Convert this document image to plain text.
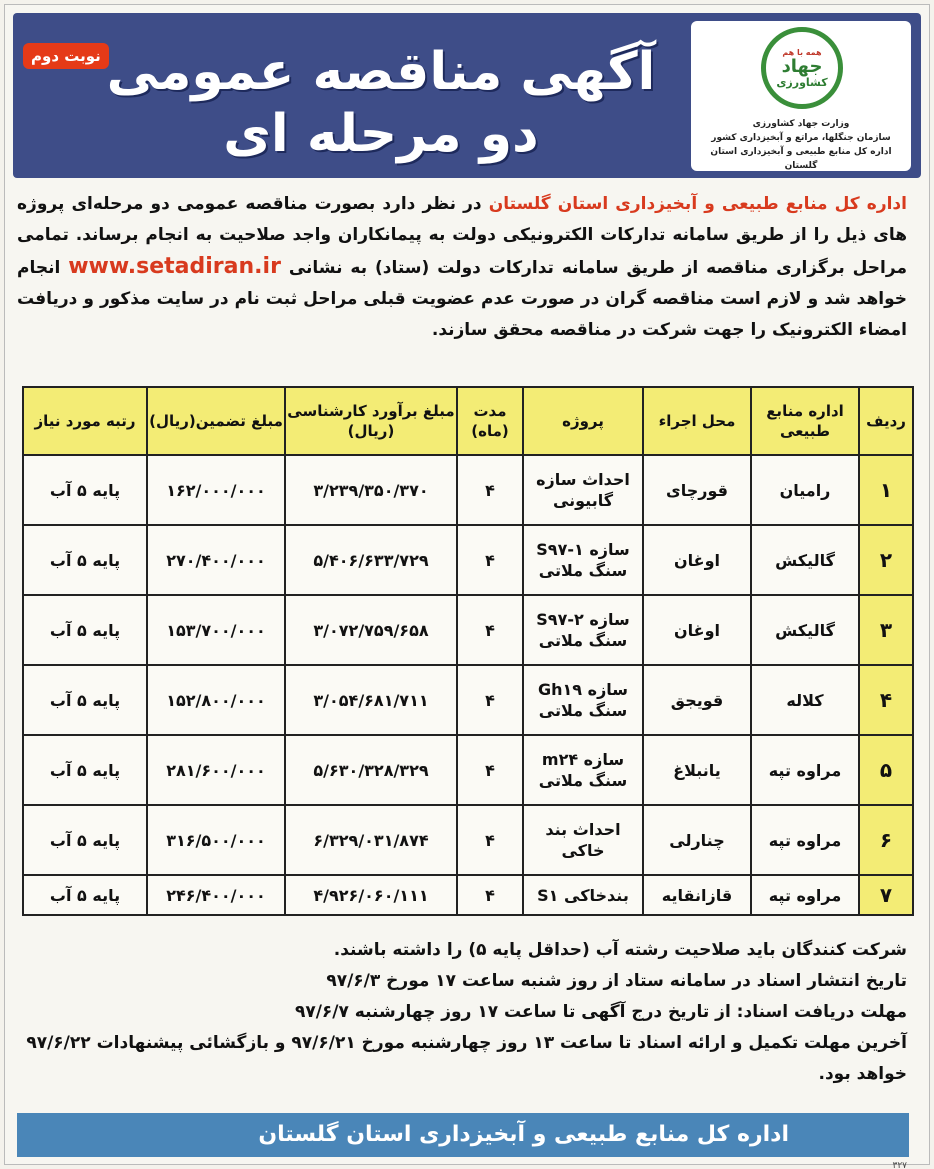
نوبت دوم آگهی مناقصه عمومی
دو مرحله ای
همه با هم
جهاد
کشاورزی
وزارت جهاد کشاورزی
سازمان جنگلها، مراتع و آبخیزداری کشور
اداره کل منابع طبیعی و آبخیزداری استان گلستان
اداره کل منابع طبیعی و آبخیزداری استان گلستان در نظر دارد بصورت مناقصه عمومی دو مرحله‌ای پروژه های ذیل را از طریق سامانه تدارکات الکترونیکی دولت به پیمانکاران واجد صلاحیت به انجام برساند. تمامی مراحل برگزاری مناقصه از طریق سامانه تدارکات دولت (ستاد) به نشانی www.setadiran.ir انجام خواهد شد و لازم است مناقصه گران در صورت عدم عضویت قبلی مراحل ثبت نام در سایت مذکور و دریافت امضاء الکترونیک را جهت شرکت در مناقصه محقق سازند.
ردیف	اداره منابع طبیعی	محل اجراء	پروژه	مدت (ماه)	مبلغ برآورد کارشناسی (ریال)	مبلغ تضمین(ریال)	رتبه مورد نیاز
۱	رامیان	قورچای	احداث سازه گابیونی	۴	۳/۲۳۹/۳۵۰/۳۷۰	۱۶۲/۰۰۰/۰۰۰	پایه ۵ آب
۲	گالیکش	اوغان	سازه ۱-S۹۷ سنگ ملاتی	۴	۵/۴۰۶/۶۳۳/۷۲۹	۲۷۰/۴۰۰/۰۰۰	پایه ۵ آب
۳	گالیکش	اوغان	سازه ۲-S۹۷ سنگ ملاتی	۴	۳/۰۷۲/۷۵۹/۶۵۸	۱۵۳/۷۰۰/۰۰۰	پایه ۵ آب
۴	کلاله	قویجق	سازه Gh۱۹ سنگ ملاتی	۴	۳/۰۵۴/۶۸۱/۷۱۱	۱۵۲/۸۰۰/۰۰۰	پایه ۵ آب
۵	مراوه تپه	یانبلاغ	سازه m۲۴ سنگ ملاتی	۴	۵/۶۳۰/۳۲۸/۳۲۹	۲۸۱/۶۰۰/۰۰۰	پایه ۵ آب
۶	مراوه تپه	چنارلی	احداث بند خاکی	۴	۶/۳۲۹/۰۳۱/۸۷۴	۳۱۶/۵۰۰/۰۰۰	پایه ۵ آب
۷	مراوه تپه	قازانقایه	بندخاکی S۱	۴	۴/۹۲۶/۰۶۰/۱۱۱	۲۴۶/۴۰۰/۰۰۰	پایه ۵ آب
شرکت کنندگان باید صلاحیت رشته آب (حداقل پایه ۵) را داشته باشند.
تاریخ انتشار اسناد در سامانه ستاد از روز شنبه ساعت ۱۷ مورخ ۹۷/۶/۳
مهلت دریافت اسناد: از تاریخ درج آگهی تا ساعت ۱۷ روز چهارشنبه ۹۷/۶/۷
آخرین مهلت تکمیل و ارائه اسناد تا ساعت ۱۳ روز چهارشنبه مورخ ۹۷/۶/۲۱ و بازگشائی پیشنهادات ۹۷/۶/۲۲ خواهد بود.
اداره کل منابع طبیعی و آبخیزداری استان گلستان
۳۲۷
